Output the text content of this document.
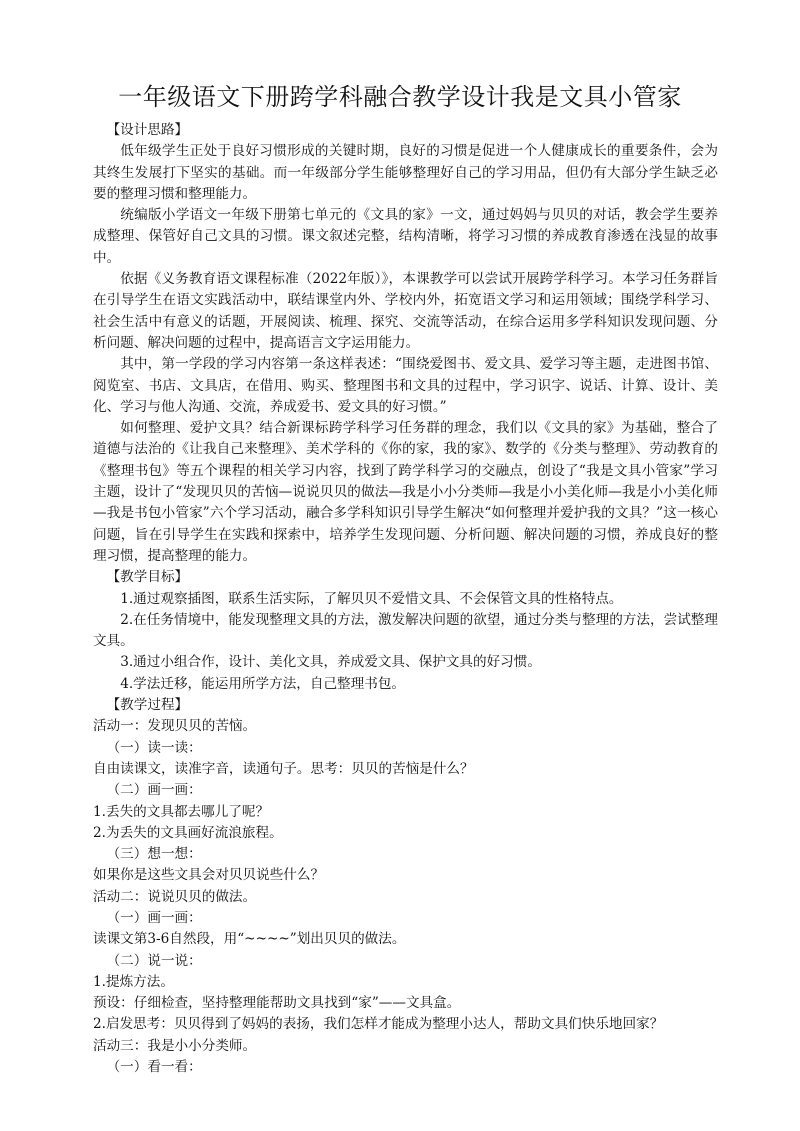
一年级语文下册跨学科融合教学设计我是文具小管家

【设计思路】

低年级学生正处于良好习惯形成的关键时期，良好的习惯是促进一个人健康成长的重要条件，会为其终生发展打下坚实的基础。而一年级部分学生能够整理好自己的学习用品，但仍有大部分学生缺乏必要的整理习惯和整理能力。

统编版小学语文一年级下册第七单元的《文具的家》一文，通过妈妈与贝贝的对话，教会学生要养成整理、保管好自己文具的习惯。课文叙述完整，结构清晰，将学习习惯的养成教育渗透在浅显的故事中。

依据《义务教育语文课程标准（2022年版）》，本课教学可以尝试开展跨学科学习。本学习任务群旨在引导学生在语文实践活动中，联结课堂内外、学校内外，拓宽语文学习和运用领域；围绕学科学习、社会生活中有意义的话题，开展阅读、梳理、探究、交流等活动，在综合运用多学科知识发现问题、分析问题、解决问题的过程中，提高语言文字运用能力。

其中，第一学段的学习内容第一条这样表述：“围绕爱图书、爱文具、爱学习等主题，走进图书馆、阅览室、书店、文具店，在借用、购买、整理图书和文具的过程中，学习识字、说话、计算、设计、美化、学习与他人沟通、交流，养成爱书、爱文具的好习惯。”

如何整理、爱护文具？结合新课标跨学科学习任务群的理念，我们以《文具的家》为基础，整合了道德与法治的《让我自己来整理》、美术学科的《你的家，我的家》、数学的《分类与整理》、劳动教育的《整理书包》等五个课程的相关学习内容，找到了跨学科学习的交融点，创设了“我是文具小管家”学习主题，设计了“发现贝贝的苦恼—说说贝贝的做法—我是小小分类师—我是小小美化师—我是小小美化师—我是书包小管家”六个学习活动，融合多学科知识引导学生解决“如何整理并爱护我的文具？”这一核心问题，旨在引导学生在实践和探索中，培养学生发现问题、分析问题、解决问题的习惯，养成良好的整理习惯，提高整理的能力。

【教学目标】

1.通过观察插图，联系生活实际，了解贝贝不爱惜文具、不会保管文具的性格特点。

2.在任务情境中，能发现整理文具的方法，激发解决问题的欲望，通过分类与整理的方法，尝试整理文具。

3.通过小组合作，设计、美化文具，养成爱文具、保护文具的好习惯。

4.学法迁移，能运用所学方法，自己整理书包。

【教学过程】

活动一：发现贝贝的苦恼。

（一）读一读：

自由读课文，读准字音，读通句子。思考：贝贝的苦恼是什么？

（二）画一画：

1.丢失的文具都去哪儿了呢？

2.为丢失的文具画好流浪旅程。

（三）想一想：

如果你是这些文具会对贝贝说些什么？

活动二：说说贝贝的做法。

（一）画一画：

读课文第3-6自然段，用“~~~~”划出贝贝的做法。

（二）说一说：

1.提炼方法。

预设：仔细检查，坚持整理能帮助文具找到“家”——文具盒。

2.启发思考：贝贝得到了妈妈的表扬，我们怎样才能成为整理小达人，帮助文具们快乐地回家？

活动三：我是小小分类师。

（一）看一看：
